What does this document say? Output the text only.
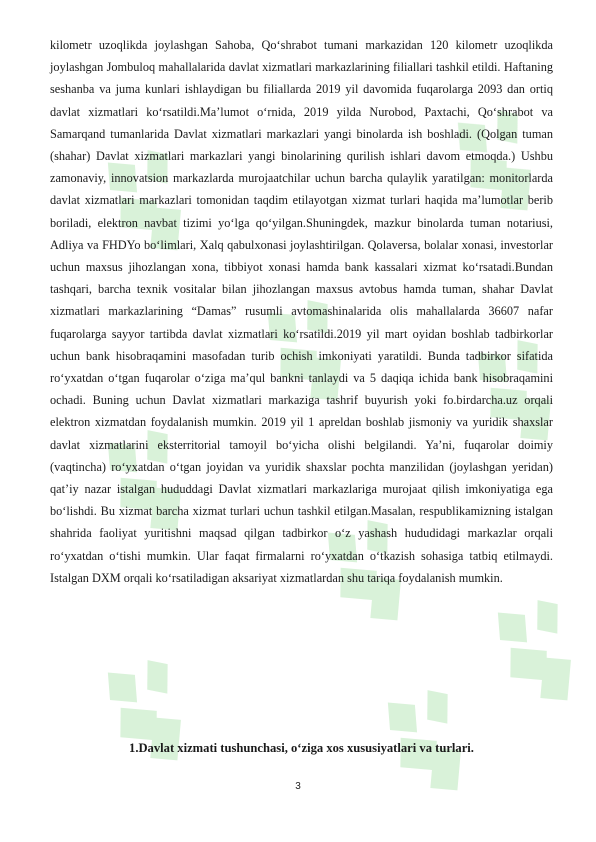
kilometr uzoqlikda joylashgan Sahoba, Qo‘shrabot tumani markazidan 120 kilometr uzoqlikda joylashgan Jombuloq mahallalarida davlat xizmatlari markazlarining filiallari tashkil etildi. Haftaning seshanba va juma kunlari ishlaydigan bu filiallarda 2019 yil davomida fuqarolarga 2093 dan ortiq davlat xizmatlari ko‘rsatildi.Ma’lumot o‘rnida, 2019 yilda Nurobod, Paxtachi, Qo‘shrabot va Samarqand tumanlarida Davlat xizmatlari markazlari yangi binolarda ish boshladi. (Qolgan tuman (shahar) Davlat xizmatlari markazlari yangi binolarining qurilish ishlari davom etmoqda.) Ushbu zamonaviy, innovatsion markazlarda murojaatchilar uchun barcha qulaylik yaratilgan: monitorlarda davlat xizmatlari markazlari tomonidan taqdim etilayotgan xizmat turlari haqida ma’lumotlar berib boriladi, elektron navbat tizimi yo‘lga qo‘yilgan.Shuningdek, mazkur binolarda tuman notariusi, Adliya va FHDYo bo‘limlari, Xalq qabulxonasi joylashtirilgan. Qolaversa, bolalar xonasi, investorlar uchun maxsus jihozlangan xona, tibbiyot xonasi hamda bank kassalari xizmat ko‘rsatadi.Bundan tashqari, barcha texnik vositalar bilan jihozlangan maxsus avtobus hamda tuman, shahar Davlat xizmatlari markazlarining “Damas” rusumli avtomashinalarida olis mahallalarda 36607 nafar fuqarolarga sayyor tartibda davlat xizmatlari ko‘rsatildi.2019 yil mart oyidan boshlab tadbirkorlar uchun bank hisobraqamini masofadan turib ochish imkoniyati yaratildi. Bunda tadbirkor sifatida ro‘yxatdan o‘tgan fuqarolar o‘ziga ma’qul bankni tanlaydi va 5 daqiqa ichida bank hisobraqamini ochadi. Buning uchun Davlat xizmatlari markaziga tashrif buyurish yoki fo.birdarcha.uz orqali elektron xizmatdan foydalanish mumkin. 2019 yil 1 apreldan boshlab jismoniy va yuridik shaxslar davlat xizmatlarini eksterritorial tamoyil bo‘yicha olishi belgilandi. Ya’ni, fuqarolar doimiy (vaqtincha) ro‘yxatdan o‘tgan joyidan va yuridik shaxslar pochta manzilidan (joylashgan yeridan) qat’iy nazar istalgan hududdagi Davlat xizmatlari markazlariga murojaat qilish imkoniyatiga ega bo‘lishdi. Bu xizmat barcha xizmat turlari uchun tashkil etilgan.Masalan, respublikamizning istalgan shahrida faoliyat yuritishni maqsad qilgan tadbirkor o‘z yashash hududidagi markazlar orqali ro‘yxatdan o‘tishi mumkin. Ular faqat firmalarni ro‘yxatdan o‘tkazish sohasiga tatbiq etilmaydi. Istalgan DXM orqali ko‘rsatiladigan aksariyat xizmatlardan shu tariqa foydalanish mumkin.

1.Davlat xizmati tushunchasi, o‘ziga xos xususiyatlari va turlari.

3
